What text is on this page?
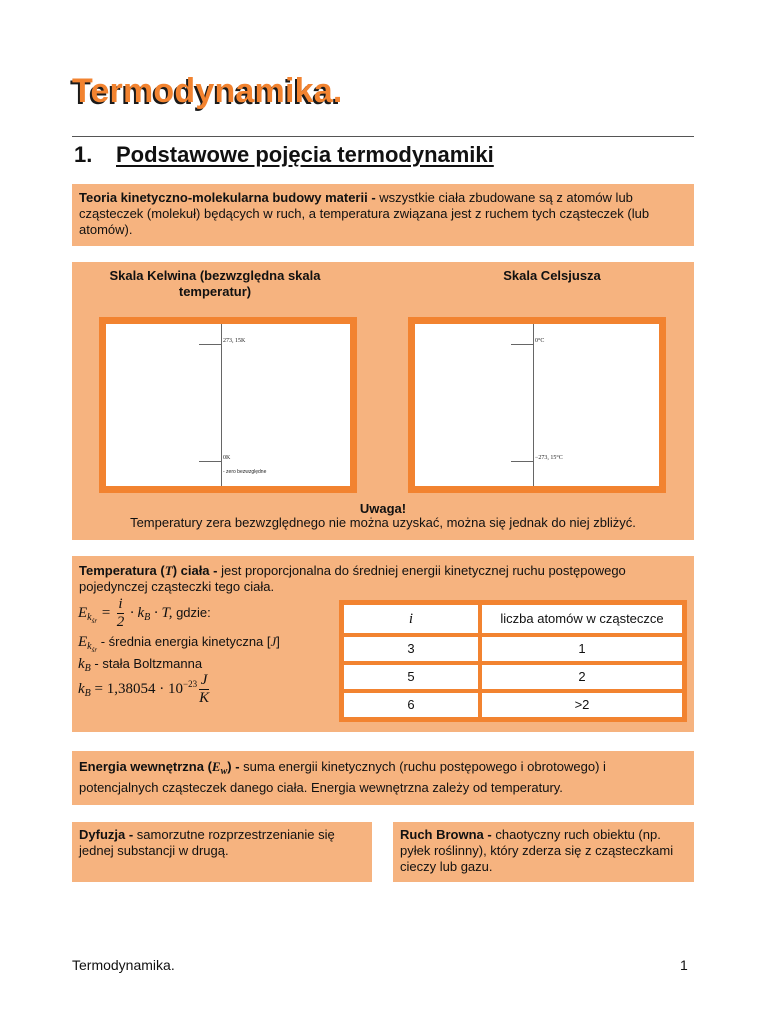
Termodynamika.
1. Podstawowe pojęcia termodynamiki
Teoria kinetyczno-molekularna budowy materii - wszystkie ciała zbudowane są z atomów lub cząsteczek (molekuł) będących w ruch, a temperatura związana jest z ruchem tych cząsteczek (lub atomów).
Skala Kelwina (bezwzględna skala temperatur)
Skala Celsjusza
273, 15K
0K
- zero bezwzględne
0°C
−273, 15°C
Uwaga!
Temperatury zera bezwzględnego nie można uzyskać, można się jednak do niej zbliżyć.
Temperatura (T) ciała - jest proporcjonalna do średniej energii kinetycznej ruchu postępowego pojedynczej cząsteczki tego ciała.
$E_{kśr} = \frac{i}{2} \cdot k_B \cdot T$, gdzie:
$E_{kśr}$ - średnia energia kinetyczna [J]
$k_B$ - stała Boltzmanna
$k_B = 1,38054 \cdot 10^{-23} \frac{J}{K}$
i	liczba atomów w cząsteczce
3	1
5	2
6	>2
Energia wewnętrzna $(E_w)$ - suma energii kinetycznych (ruchu postępowego i obrotowego) i potencjalnych cząsteczek danego ciała. Energia wewnętrzna zależy od temperatury.
Dyfuzja - samorzutne rozprzestrzenianie się jednej substancji w drugą.
Ruch Browna - chaotyczny ruch obiektu (np. pyłek roślinny), który zderza się z cząsteczkami cieczy lub gazu.
Termodynamika.	1
